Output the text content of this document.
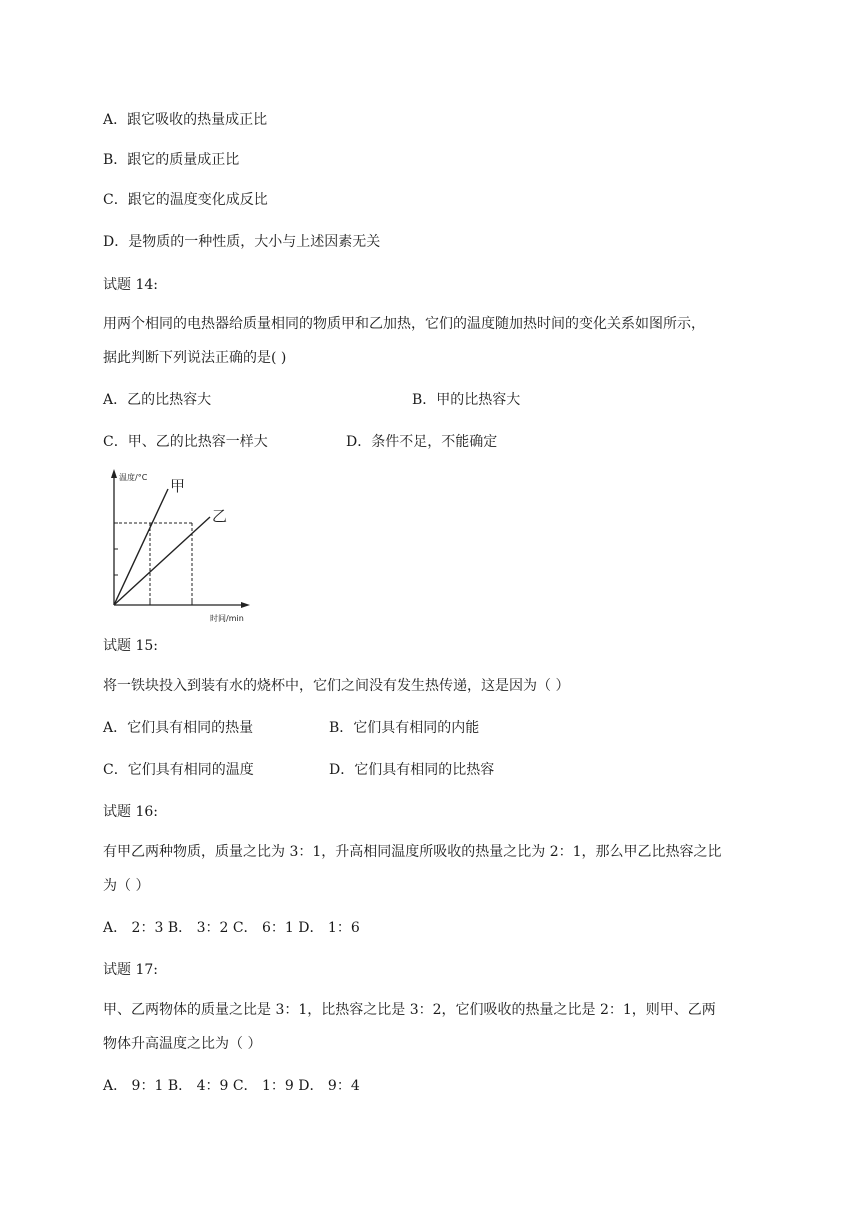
A．跟它吸收的热量成正比
B．跟它的质量成正比
C．跟它的温度变化成反比
D．是物质的一种性质，大小与上述因素无关
试题 14:
用两个相同的电热器给质量相同的物质甲和乙加热，它们的温度随加热时间的变化关系如图所示，
据此判断下列说法正确的是( )
A．乙的比热容大	B．甲的比热容大
C．甲、乙的比热容一样大	D．条件不足，不能确定
温度/°C
时间/min
甲
乙
试题 15:
将一铁块投入到装有水的烧杯中，它们之间没有发生热传递，这是因为（ ）
A．它们具有相同的热量	B．它们具有相同的内能
C．它们具有相同的温度	D．它们具有相同的比热容
试题 16:
有甲乙两种物质，质量之比为 3：1，升高相同温度所吸收的热量之比为 2：1，那么甲乙比热容之比
为（ ）
A． 2：3 B． 3：2 C． 6：1 D． 1：6
试题 17:
甲、乙两物体的质量之比是 3：1，比热容之比是 3：2，它们吸收的热量之比是 2：1，则甲、乙两
物体升高温度之比为（ ）
A． 9：1 B． 4：9 C． 1：9 D． 9：4
